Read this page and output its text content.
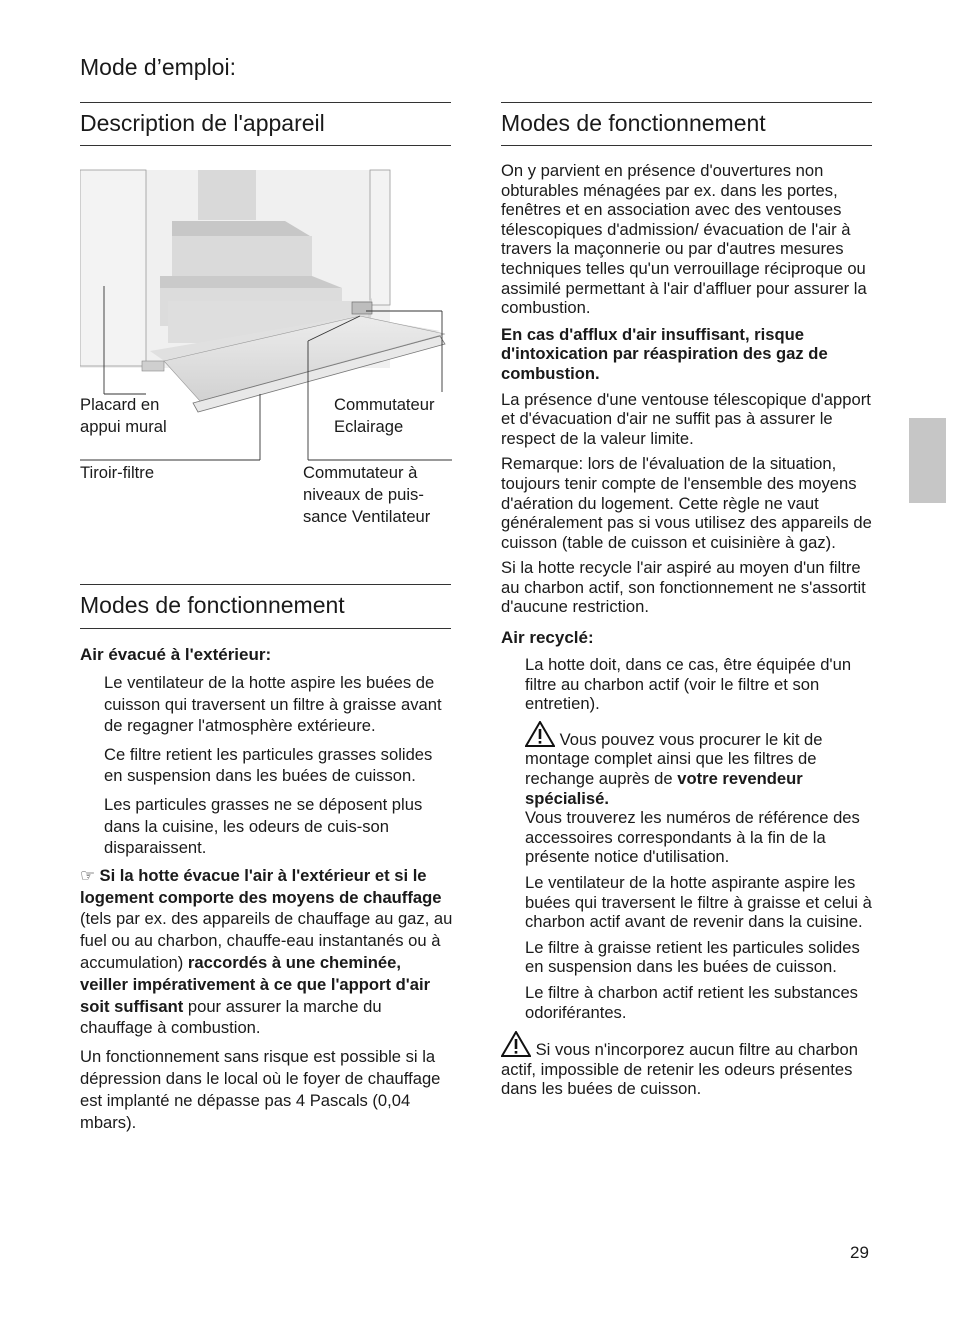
Mode d’emploi:
Description de l'appareil
Placard en
appui mural
Commutateur
Eclairage
Tiroir-filtre	Commutateur à
niveaux de puis-
sance Ventilateur
Modes de fonctionnement

Air évacué à l'extérieur:

Le ventilateur de la hotte aspire les buées de cuisson qui traversent un filtre à graisse avant de regagner l'atmosphère extérieure.

Ce filtre retient les particules grasses solides en suspension dans les buées de cuisson.

Les particules grasses ne se déposent plus dans la cuisine, les odeurs de cuis-son disparaissent.

☞ Si la hotte évacue l'air à l'extérieur et si le logement comporte des moyens de chauffage (tels par ex. des appareils de chauffage au gaz, au fuel ou au charbon, chauffe-eau instantanés ou à accumulation) raccordés à une cheminée, veiller impérativement à ce que l'apport d'air soit suffisant pour assurer la marche du chauffage à combustion.

Un fonctionnement sans risque est possible si la dépression dans le local où le foyer de chauffage est implanté ne dépasse pas 4 Pascals (0,04 mbars).

Modes de fonctionnement

On y parvient en présence d'ouvertures non obturables ménagées par ex. dans les portes, fenêtres et en association avec des ventouses télescopiques d'admission/ évacuation de l'air à travers la maçonnerie ou par d'autres mesures techniques telles qu'un verrouillage réciproque ou assimilé permettant à l'air d'affluer pour assurer la combustion.

En cas d'afflux d'air insuffisant, risque d'intoxication par réaspiration des gaz de combustion.

La présence d'une ventouse télescopique d'apport et d'évacuation d'air ne suffit pas à assurer le respect de la valeur limite.

Remarque: lors de l'évaluation de la situation, toujours tenir compte de l'ensemble des moyens d'aération du logement. Cette règle ne vaut généralement pas si vous utilisez des appareils de cuisson (table de cuisson et cuisinière à gaz).

Si la hotte recycle l'air aspiré au moyen d'un filtre au charbon actif, son fonctionnement ne s'assortit d'aucune restriction.

Air recyclé:

La hotte doit, dans ce cas, être équipée d'un filtre au charbon actif (voir le filtre et son entretien).

Vous pouvez vous procurer le kit de montage complet ainsi que les filtres de rechange auprès de votre revendeur spécialisé.

Vous trouverez les numéros de référence des accessoires correspondants à la fin de la présente notice d'utilisation.

Le ventilateur de la hotte aspirante aspire les buées qui traversent le filtre à graisse et celui à charbon actif avant de revenir dans la cuisine.

Le filtre à graisse retient les particules solides en suspension dans les buées de cuisson.

Le filtre à charbon actif retient les substances odoriférantes.

Si vous n'incorporez aucun filtre au charbon actif, impossible de retenir les odeurs présentes dans les buées de cuisson.

29
